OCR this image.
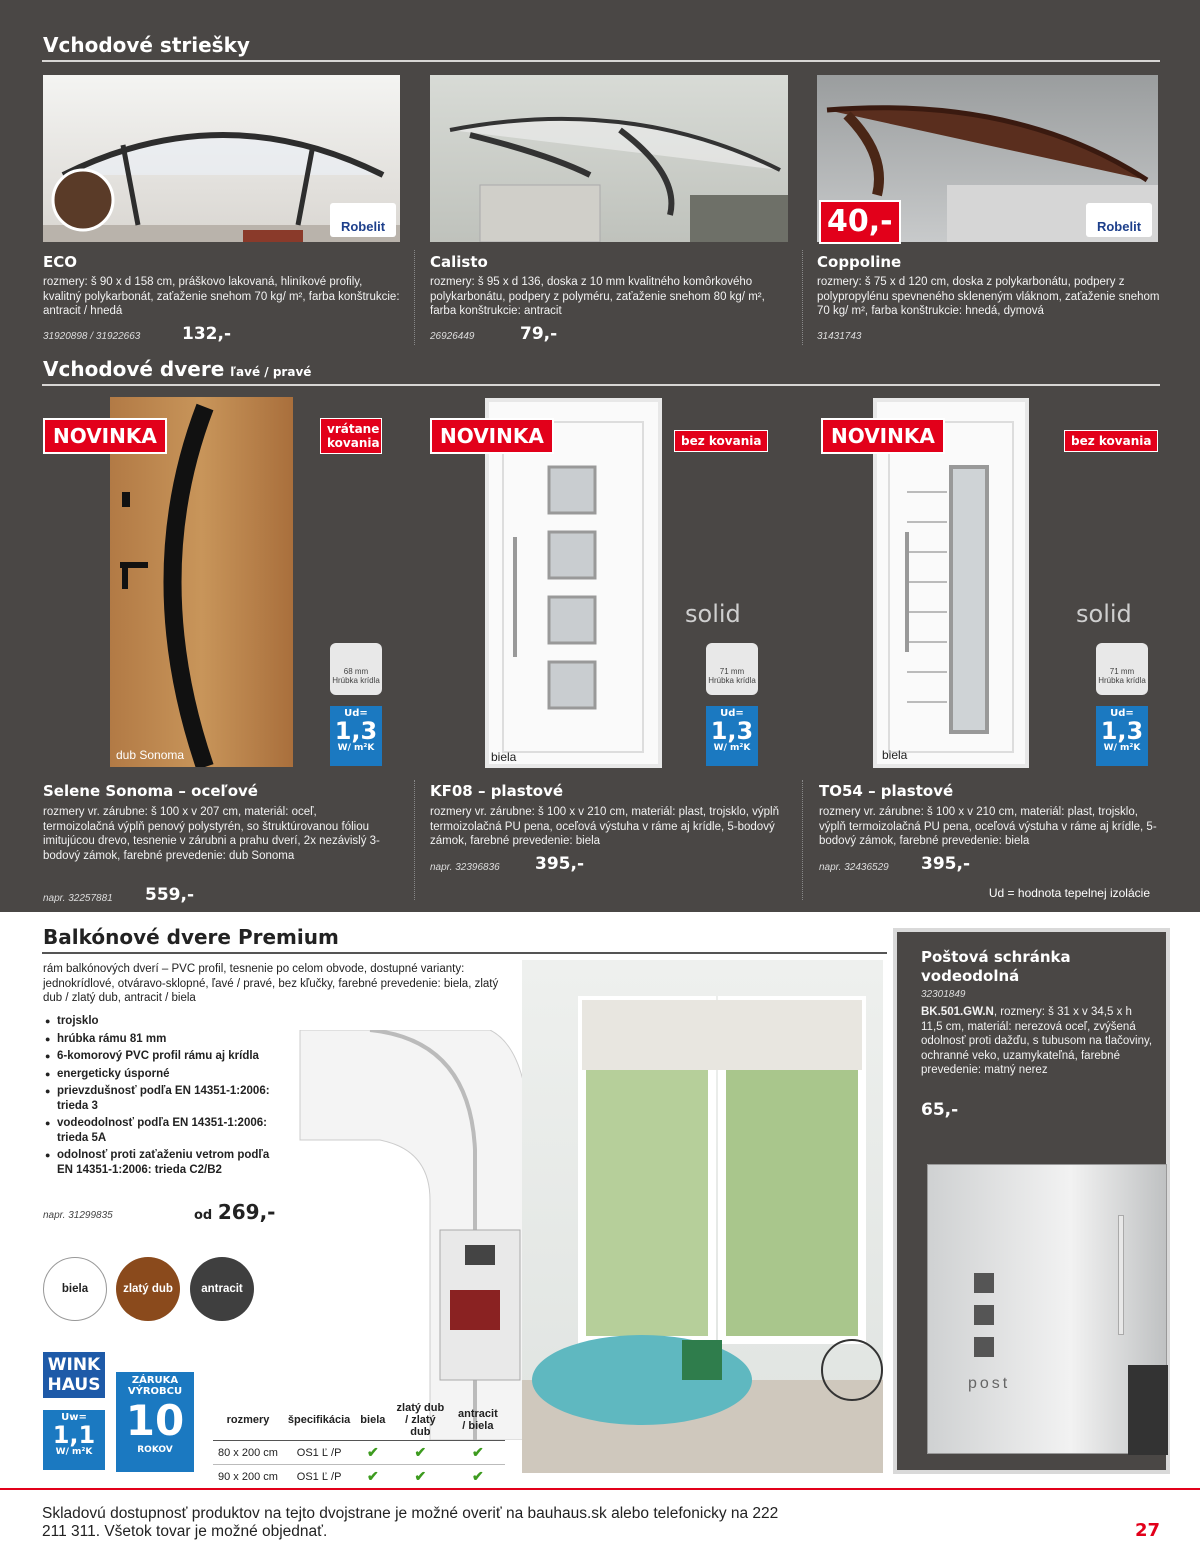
Vchodové striešky
Robelit	40,-	Robelit
ECO
rozmery: š 90 x d 158 cm, práškovo lakovaná, hliníkové profily, kvalitný polykarbonát, zaťaženie snehom 70 kg/ m², farba konštrukcie: antracit / hnedá
31920898 / 31922663 132,-
Calisto
rozmery: š 95 x d 136, doska z 10 mm kvalitného komôrkového polykarbonátu, podpery z polyméru, zaťaženie snehom 80 kg/ m², farba konštrukcie: antracit
26926449	79,-
Coppoline
rozmery: š 75 x d 120 cm, doska z polykarbonátu, podpery z polypropylénu spevneného skleneným vláknom, zaťaženie snehom 70 kg/ m², farba konštrukcie: hnedá, dymová
31431743
Vchodové dvere ľavé / pravé
NOVINKA	vrátane kovania
68 mm
Hrúbka krídla
Ud=
1,3
W/ m²K
dub Sonoma
NOVINKA	bez kovania
solid
71 mm
Hrúbka krídla
Ud=
1,3
W/ m²K
biela
NOVINKA	bez kovania
solid
71 mm
Hrúbka krídla
Ud=
1,3
W/ m²K
biela
Selene Sonoma – oceľové
rozmery vr. zárubne: š 100 x v 207 cm, materiál: oceľ, termoizolačná výplň penový polystyrén, so štruktúrovanou fóliou imitujúcou drevo, tesnenie v zárubni a prahu dverí, 2x nezávislý 3-bodový zámok, farebné prevedenie: dub Sonoma
napr. 32257881 559,-
KF08 – plastové
rozmery vr. zárubne: š 100 x v 210 cm, materiál: plast, trojsklo, výplň termoizolačná PU pena, oceľová výstuha v ráme aj krídle, 5-bodový zámok, farebné prevedenie: biela
napr. 32396836 395,-
TO54 – plastové
rozmery vr. zárubne: š 100 x v 210 cm, materiál: plast, trojsklo, výplň termoizolačná PU pena, oceľová výstuha v ráme aj krídle, 5-bodový zámok, farebné prevedenie: biela
napr. 32436529 395,-
Ud = hodnota tepelnej izolácie
Balkónové dvere Premium
rám balkónových dverí – PVC profil, tesnenie po celom obvode, dostupné varianty: jednokrídlové, otváravo-sklopné, ľavé / pravé, bez kľučky, farebné prevedenie: biela, zlatý dub / zlatý dub, antracit / biela
● trojsklo
● hrúbka rámu 81 mm
● 6-komorový PVC profil rámu aj krídla
● energeticky úsporné
● prievzdušnosť podľa EN 14351-1:2006: trieda 3
● vodeodolnosť podľa EN 14351-1:2006: trieda 5A
● odolnosť proti zaťaženiu vetrom podľa EN 14351-1:2006: trieda C2/B2
napr. 31299835	od 269,-
biela	zlatý dub	antracit
WINK HAUS
Uw=
1,1
W/ m²K
ZÁRUKA VÝROBCU
10
ROKOV
rozmery	špecifikácia	biela	zlatý dub / zlatý dub	antracit / biela
80 x 200 cm	OS1 Ľ /P	✔	✔	✔
90 x 200 cm	OS1 Ľ /P	✔	✔	✔
Poštová schránka vodeodolná
32301849
BK.501.GW.N, rozmery: š 31 x v 34,5 x h 11,5 cm, materiál: nerezová oceľ, zvýšená odolnosť proti dažďu, s tubusom na tlačoviny, ochranné veko, uzamykateľná, farebné prevedenie: matný nerez
65,-
post
Skladovú dostupnosť produktov na tejto dvojstrane je možné overiť na bauhaus.sk alebo telefonicky na 222 211 311. Všetok tovar je možné objednať.	27
